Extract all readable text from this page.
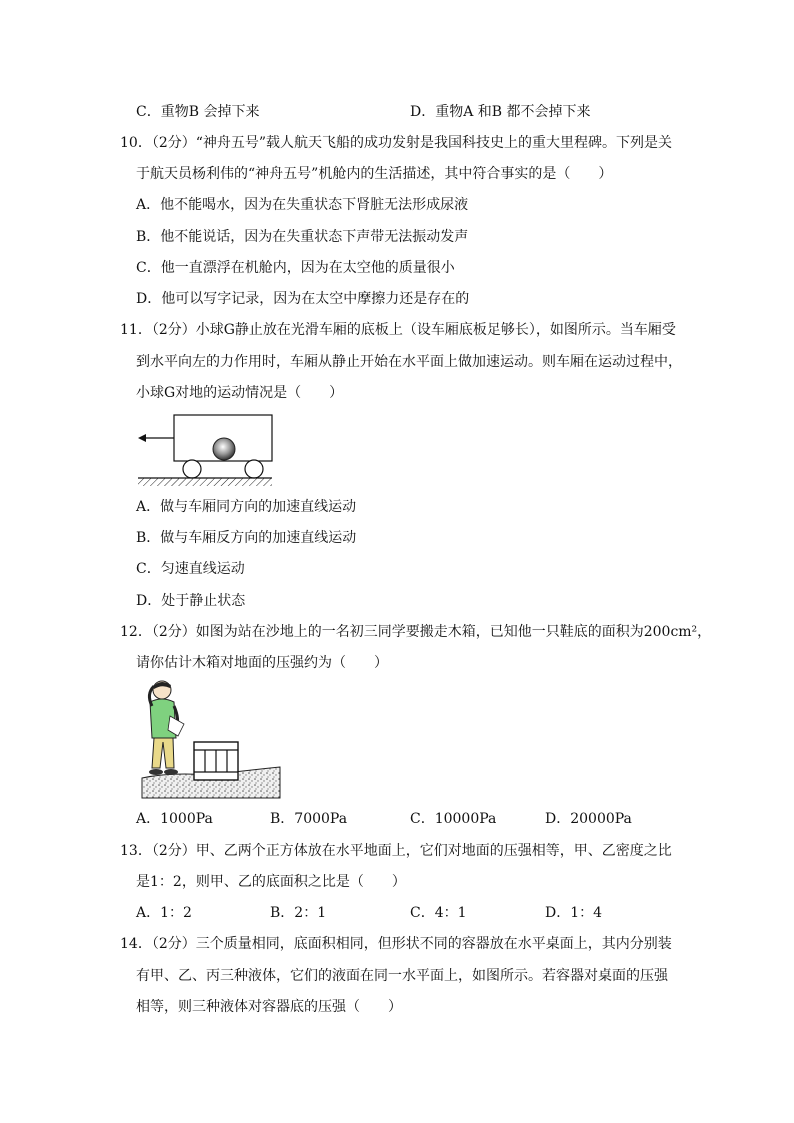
C．重物B 会掉下来	D．重物A 和B 都不会掉下来
10．（2分）“神舟五号”载人航天飞船的成功发射是我国科技史上的重大里程碑。下列是关
于航天员杨利伟的“神舟五号”机舱内的生活描述，其中符合事实的是（　　）
A．他不能喝水，因为在失重状态下肾脏无法形成尿液
B．他不能说话，因为在失重状态下声带无法振动发声
C．他一直漂浮在机舱内，因为在太空他的质量很小
D．他可以写字记录，因为在太空中摩擦力还是存在的
11．（2分）小球G静止放在光滑车厢的底板上（设车厢底板足够长），如图所示。当车厢受
到水平向左的力作用时，车厢从静止开始在水平面上做加速运动。则车厢在运动过程中，
小球G对地的运动情况是（　　）
A．做与车厢同方向的加速直线运动
B．做与车厢反方向的加速直线运动
C．匀速直线运动
D．处于静止状态
12．（2分）如图为站在沙地上的一名初三同学要搬走木箱，已知他一只鞋底的面积为200cm²，
请你估计木箱对地面的压强约为（　　）
A．1000Pa	B．7000Pa	C．10000Pa	D．20000Pa
13．（2分）甲、乙两个正方体放在水平地面上，它们对地面的压强相等，甲、乙密度之比
是1：2，则甲、乙的底面积之比是（　　）
A．1：2	B．2：1	C．4：1	D．1：4
14．（2分）三个质量相同，底面积相同，但形状不同的容器放在水平桌面上，其内分别装
有甲、乙、丙三种液体，它们的液面在同一水平面上，如图所示。若容器对桌面的压强
相等，则三种液体对容器底的压强（　　）
